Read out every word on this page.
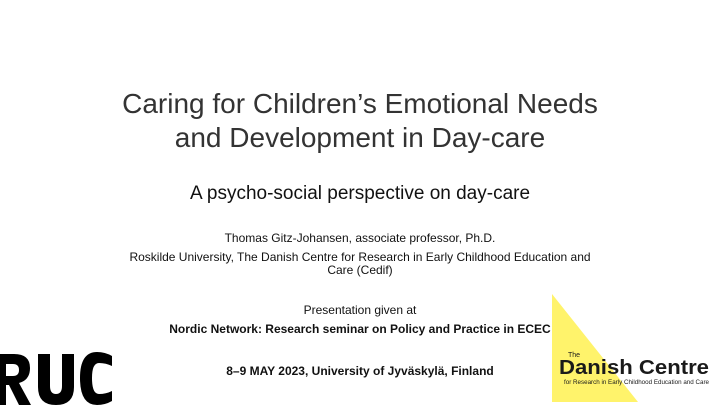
Caring for Children’s Emotional Needs
and Development in Day-care
A psycho-social perspective on day-care
Thomas Gitz-Johansen, associate professor, Ph.D.
Roskilde University, The Danish Centre for Research in Early Childhood Education and
Care (Cedif)
Presentation given at
Nordic Network: Research seminar on Policy and Practice in ECEC
8–9 MAY 2023, University of Jyväskylä, Finland
The
Danish Centre
for Research in Early Childhood Education and Care
